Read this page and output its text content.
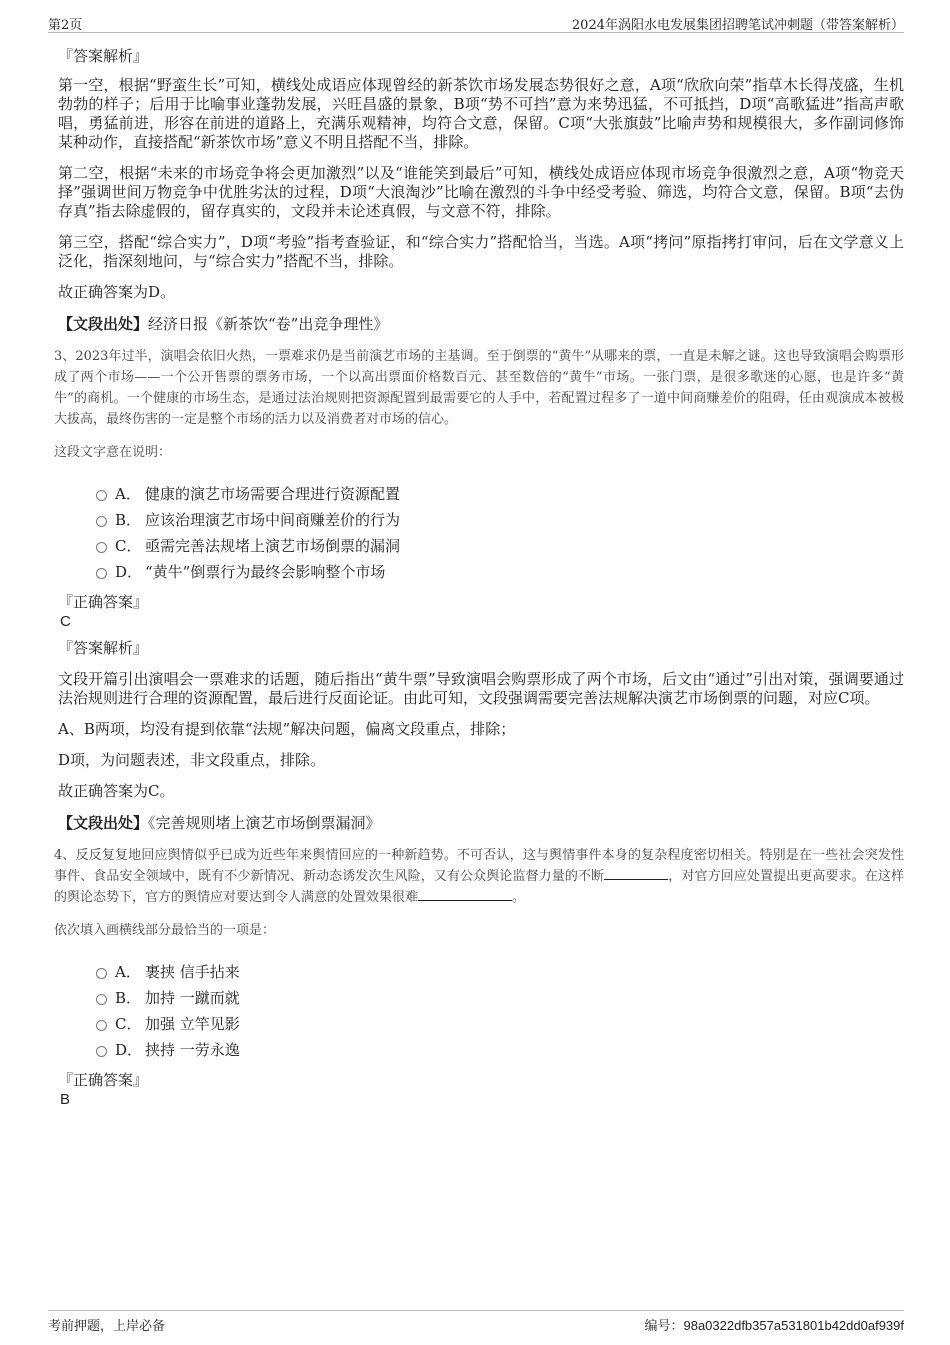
第2页	2024年涡阳水电发展集团招聘笔试冲刺题（带答案解析）
『答案解析』

第一空，根据“野蛮生长”可知，横线处成语应体现曾经的新茶饮市场发展态势很好之意，A项“欣欣向荣”指草木长得茂盛，生机勃勃的样子；后用于比喻事业蓬勃发展，兴旺昌盛的景象，B项“势不可挡”意为来势迅猛，不可抵挡，D项“高歌猛进”指高声歌唱，勇猛前进，形容在前进的道路上，充满乐观精神，均符合文意，保留。C项“大张旗鼓”比喻声势和规模很大，多作副词修饰某种动作，直接搭配“新茶饮市场”意义不明且搭配不当，排除。

第二空，根据“未来的市场竞争将会更加激烈”以及“谁能笑到最后”可知，横线处成语应体现市场竞争很激烈之意，A项“物竞天择”强调世间万物竞争中优胜劣汰的过程，D项“大浪淘沙”比喻在激烈的斗争中经受考验、筛选，均符合文意，保留。B项“去伪存真”指去除虚假的，留存真实的，文段并未论述真假，与文意不符，排除。

第三空，搭配“综合实力”，D项“考验”指考查验证，和“综合实力”搭配恰当，当选。A项“拷问”原指拷打审问，后在文学意义上泛化，指深刻地问，与“综合实力”搭配不当，排除。

故正确答案为D。

【文段出处】经济日报《新茶饮“卷”出竞争理性》

3、2023年过半，演唱会依旧火热，一票难求仍是当前演艺市场的主基调。至于倒票的“黄牛”从哪来的票，一直是未解之谜。这也导致演唱会购票形成了两个市场——一个公开售票的票务市场，一个以高出票面价格数百元、甚至数倍的“黄牛”市场。一张门票，是很多歌迷的心愿，也是许多“黄牛”的商机。一个健康的市场生态，是通过法治规则把资源配置到最需要它的人手中，若配置过程多了一道中间商赚差价的阻碍，任由观演成本被极大拔高，最终伤害的一定是整个市场的活力以及消费者对市场的信心。

这段文字意在说明：
A． 健康的演艺市场需要合理进行资源配置
B． 应该治理演艺市场中间商赚差价的行为
C． 亟需完善法规堵上演艺市场倒票的漏洞
D． “黄牛”倒票行为最终会影响整个市场
『正确答案』
C
『答案解析』

文段开篇引出演唱会一票难求的话题，随后指出“黄牛票”导致演唱会购票形成了两个市场，后文由“通过”引出对策，强调要通过法治规则进行合理的资源配置，最后进行反面论证。由此可知，文段强调需要完善法规解决演艺市场倒票的问题，对应C项。

A、B两项，均没有提到依靠“法规”解决问题，偏离文段重点，排除；

D项，为问题表述，非文段重点，排除。

故正确答案为C。

【文段出处】《完善规则堵上演艺市场倒票漏洞》

4、反反复复地回应舆情似乎已成为近些年来舆情回应的一种新趋势。不可否认，这与舆情事件本身的复杂程度密切相关。特别是在一些社会突发性事件、食品安全领域中，既有不少新情况、新动态诱发次生风险，又有公众舆论监督力量的不断	，对官方回应处置提出更高要求。在这样的舆论态势下，官方的舆情应对要达到令人满意的处置效果很难	。

依次填入画横线部分最恰当的一项是：
A． 裹挟 信手拈来
B． 加持 一蹴而就
C． 加强 立竿见影
D． 挟持 一劳永逸
『正确答案』
B
考前押题，上岸必备	编号：98a0322dfb357a531801b42dd0af939f
